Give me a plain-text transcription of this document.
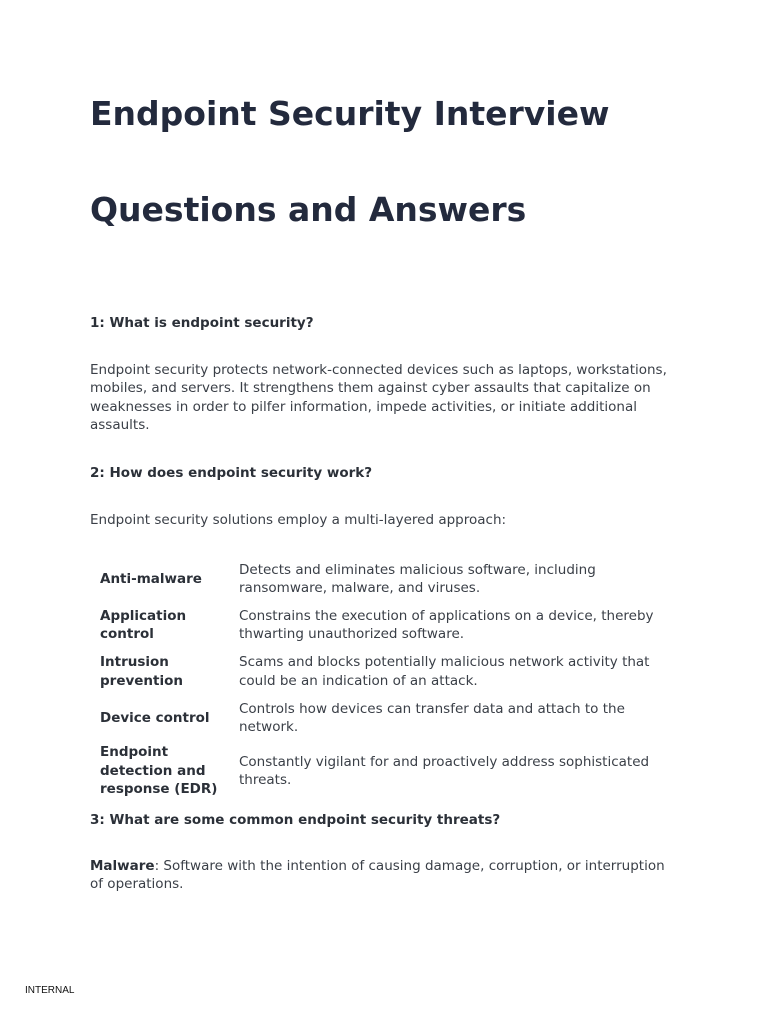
Endpoint Security Interview
Questions and Answers

1: What is endpoint security?

Endpoint security protects network-connected devices such as laptops, workstations, mobiles, and servers. It strengthens them against cyber assaults that capitalize on weaknesses in order to pilfer information, impede activities, or initiate additional assaults.

2: How does endpoint security work?

Endpoint security solutions employ a multi-layered approach:

Anti-malware	Detects and eliminates malicious software, including ransomware, malware, and viruses.
Application control	Constrains the execution of applications on a device, thereby thwarting unauthorized software.
Intrusion prevention	Scams and blocks potentially malicious network activity that could be an indication of an attack.
Device control	Controls how devices can transfer data and attach to the network.
Endpoint detection and response (EDR)	Constantly vigilant for and proactively address sophisticated threats.

3: What are some common endpoint security threats?

Malware: Software with the intention of causing damage, corruption, or interruption of operations.

INTERNAL
